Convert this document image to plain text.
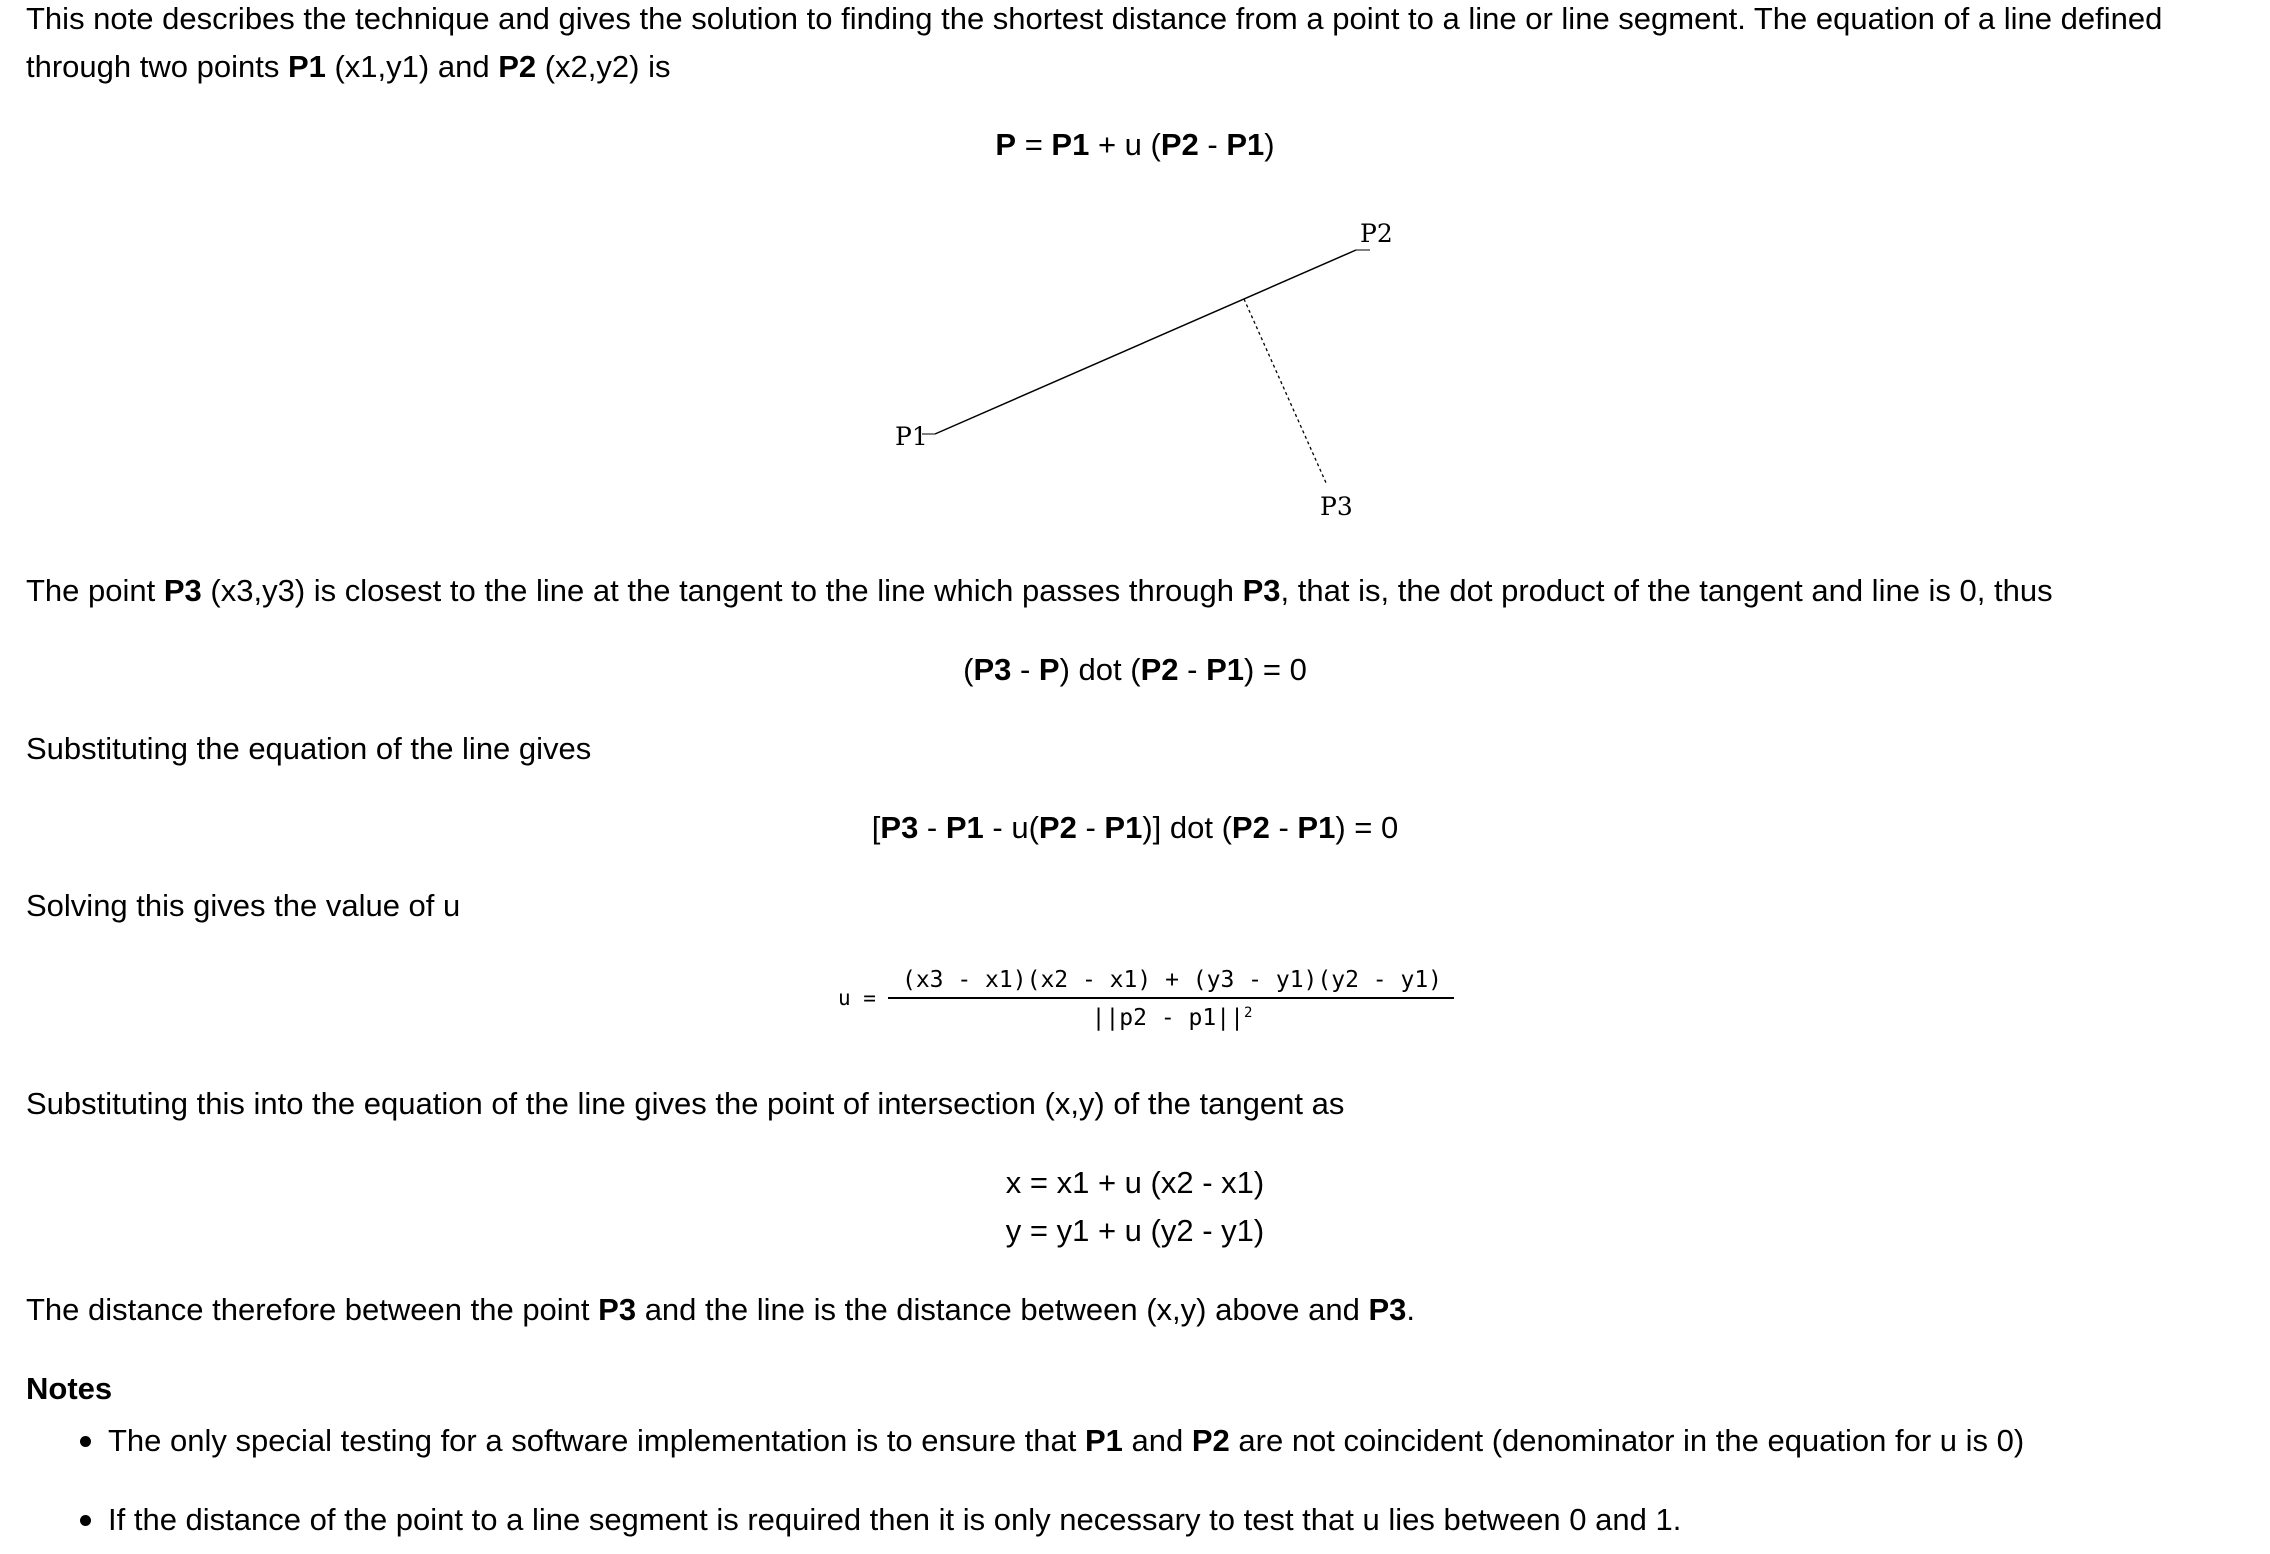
This note describes the technique and gives the solution to finding the shortest distance from a point to a line or line segment. The equation of a line defined through two points P1 (x1,y1) and P2 (x2,y2) is
P = P1 + u (P2 - P1)
P1
P2
P3
The point P3 (x3,y3) is closest to the line at the tangent to the line which passes through P3, that is, the dot product of the tangent and line is 0, thus
(P3 - P) dot (P2 - P1) = 0
Substituting the equation of the line gives
[P3 - P1 - u(P2 - P1)] dot (P2 - P1) = 0
Solving this gives the value of u
u =
(x3 - x1)(x2 - x1) + (y3 - y1)(y2 - y1)
$||p2 - p1||^2$
Substituting this into the equation of the line gives the point of intersection (x,y) of the tangent as
x = x1 + u (x2 - x1)
y = y1 + u (y2 - y1)
The distance therefore between the point P3 and the line is the distance between (x,y) above and P3.
Notes
The only special testing for a software implementation is to ensure that P1 and P2 are not coincident (denominator in the equation for u is 0)
If the distance of the point to a line segment is required then it is only necessary to test that u lies between 0 and 1.
